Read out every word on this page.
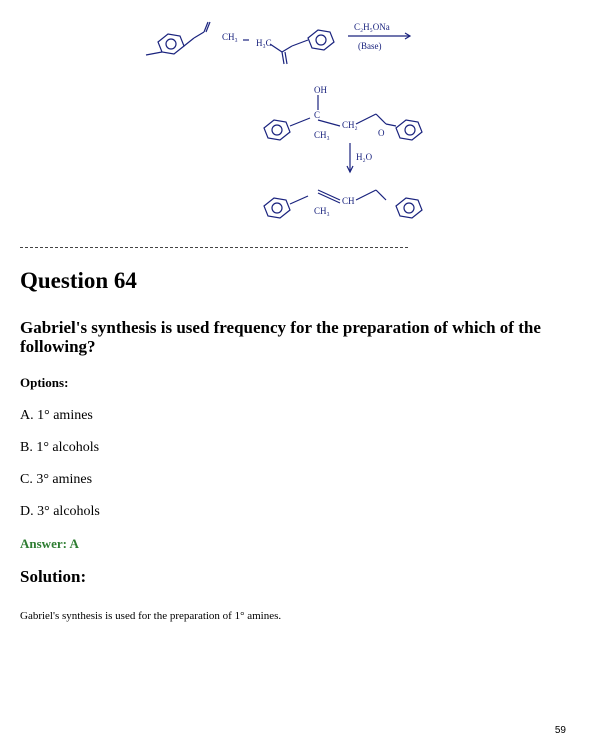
CH₃
H₃C
C₂H₅ONa
(Base)
OH
C
CH₂
CH₃	O
H₂O
CH
CH₃
Question 64

Gabriel's synthesis is used frequency for the preparation of which of the following?

Options:
A. 1° amines
B. 1° alcohols
C. 3° amines
D. 3° alcohols
Answer: A
Solution:
Gabriel's synthesis is used for the preparation of 1° amines.
59
